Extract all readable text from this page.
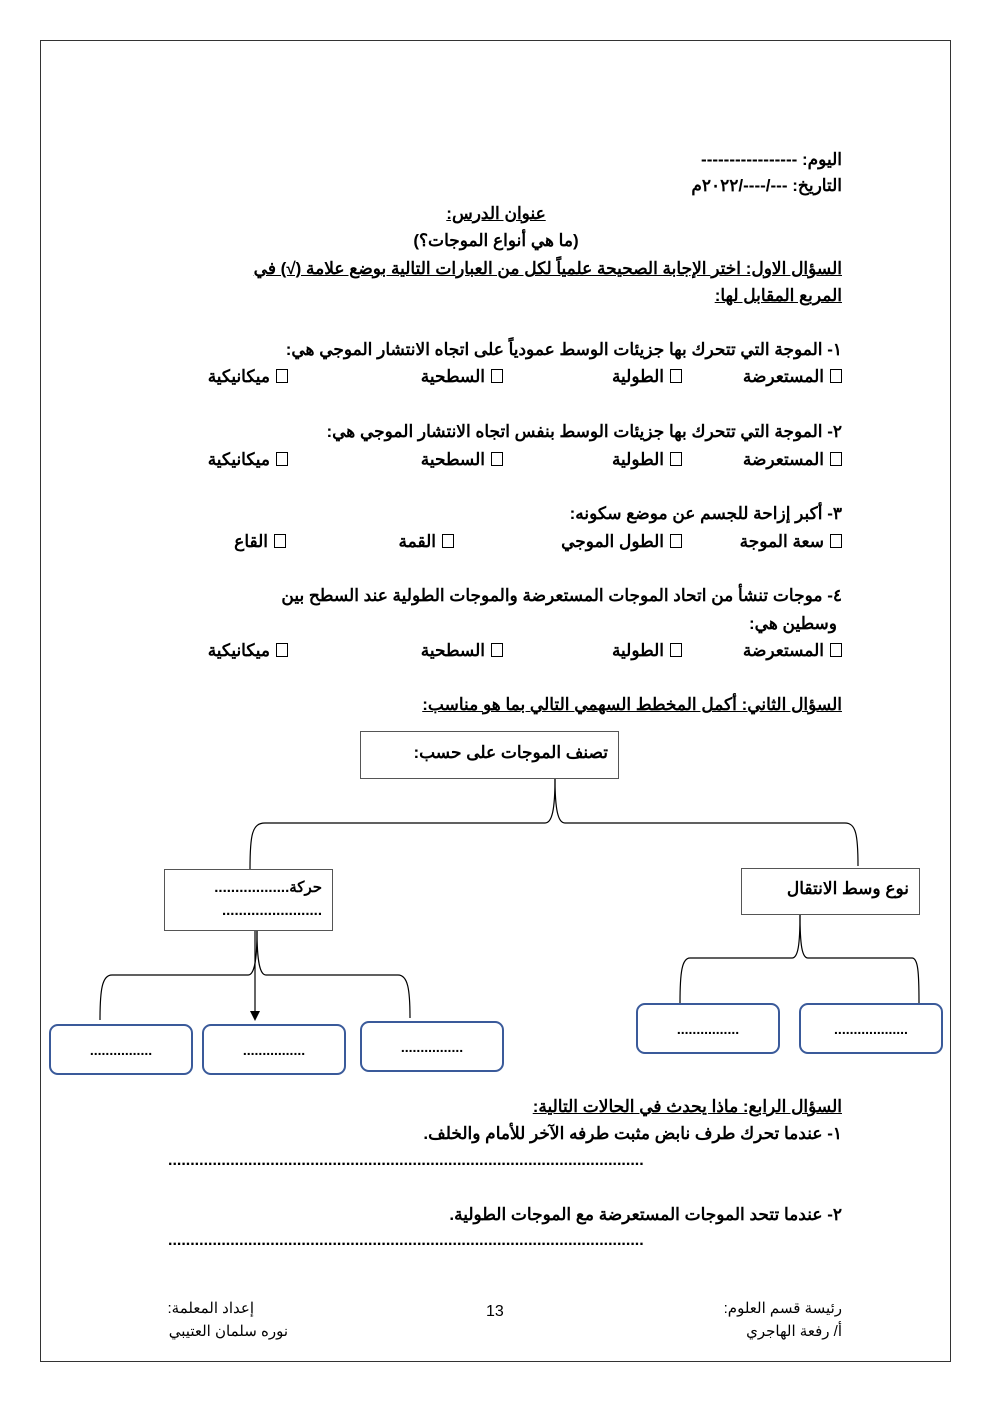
اليوم: -----------------
التاريخ: ---/----/٢٠٢٢م
عنوان الدرس:
(ما هي أنواع الموجات؟)
السؤال الاول: اختر الإجابة الصحيحة علمياً لكل من العبارات التالية بوضع علامة (√) في
المربع المقابل لها:
١- الموجة التي تتحرك بها جزيئات الوسط عمودياً على اتجاه الانتشار الموجي هي:
المستعرضة
الطولية
السطحية
ميكانيكية
٢- الموجة التي تتحرك بها جزيئات الوسط بنفس اتجاه الانتشار الموجي هي:
المستعرضة
الطولية
السطحية
ميكانيكية
٣- أكبر إزاحة للجسم عن موضع سكونه:
سعة الموجة
الطول الموجي
القمة
القاع
٤- موجات تنشأ من اتحاد الموجات المستعرضة والموجات الطولية عند السطح بين
وسطين هي:
المستعرضة
الطولية
السطحية
ميكانيكية
السؤال الثاني: أكمل المخطط السهمي التالي بما هو مناسب:
تصنف الموجات على حسب:
حركة..................
........................
نوع وسط الانتقال
................	................	................
................	...................
السؤال الرابع: ماذا يحدث في الحالات التالية:
١- عندما تحرك طرف نابض مثبت طرفه الآخر للأمام والخلف.
...........................................................................................................
٢- عندما تتحد الموجات المستعرضة مع الموجات الطولية.
...........................................................................................................
رئيسة قسم العلوم:
أ/ رفعة الهاجري
13
إعداد المعلمة:
نوره سلمان العتيبي
